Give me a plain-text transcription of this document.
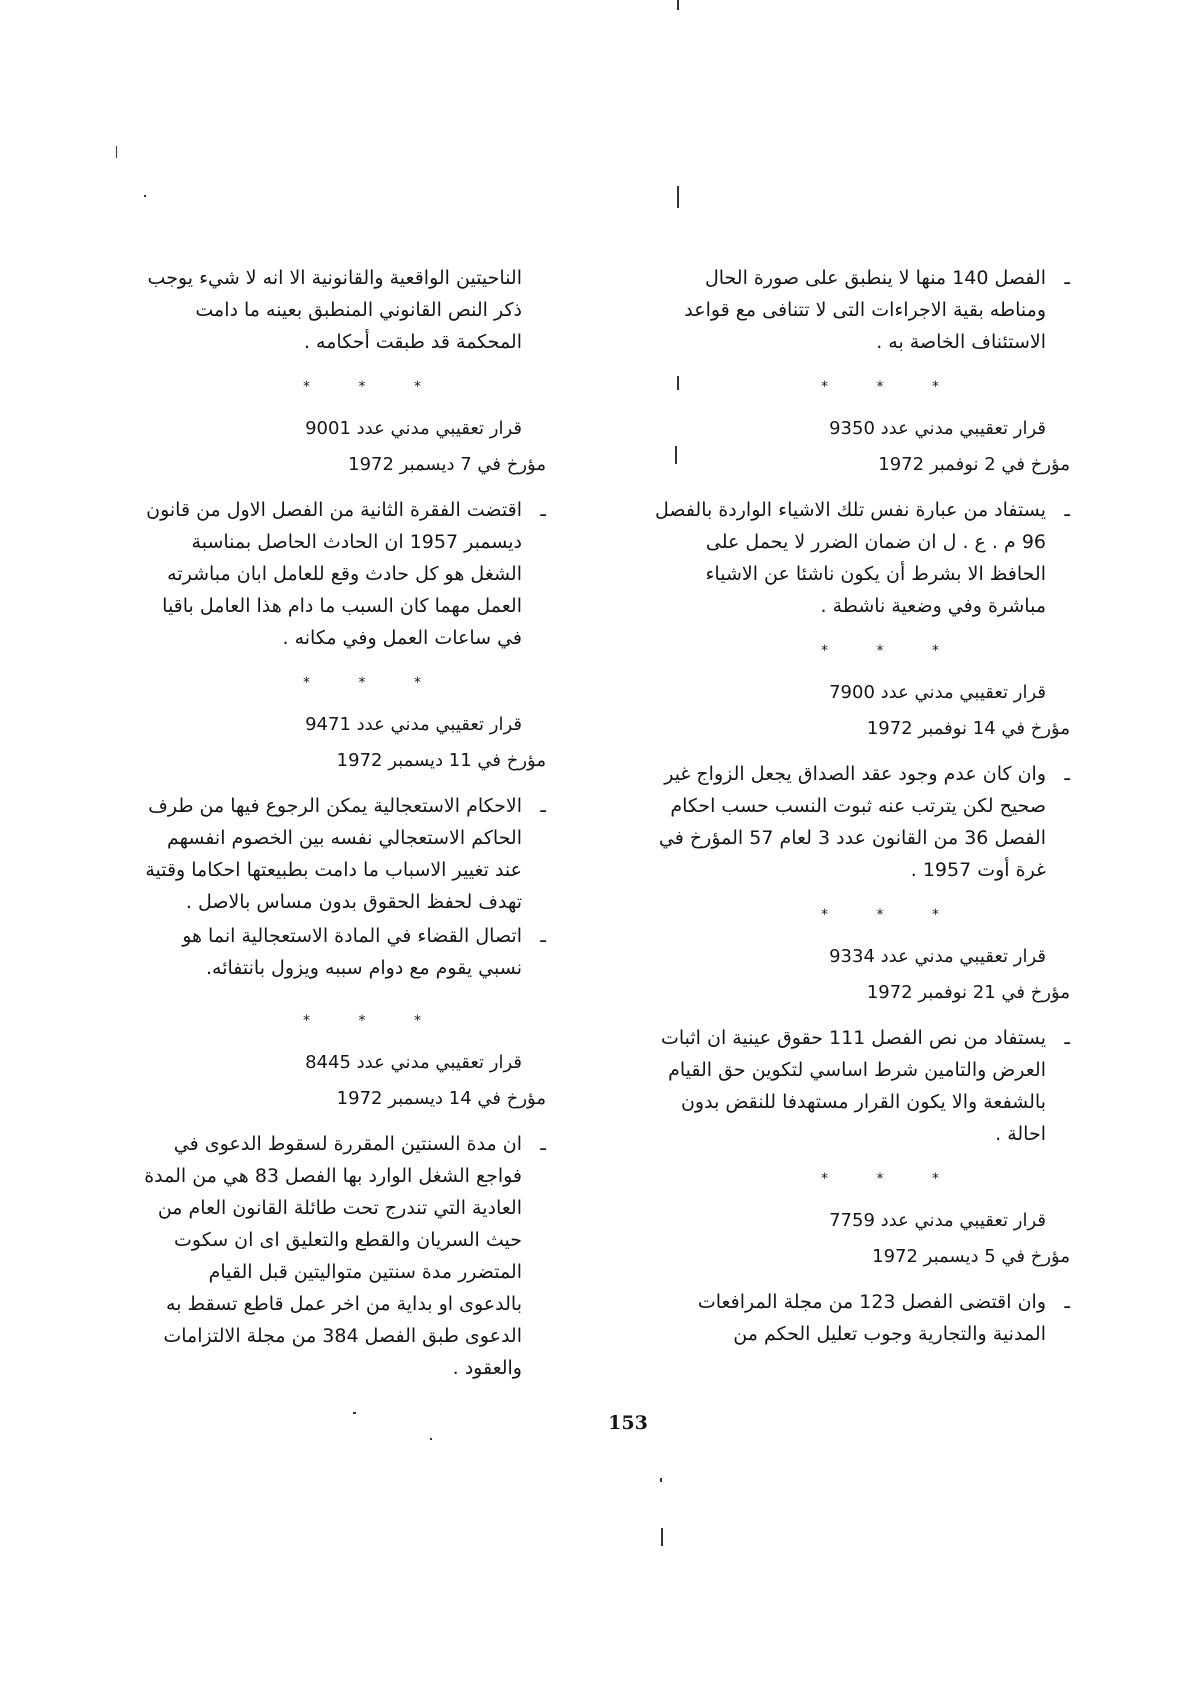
ـ الفصل 140 منها لا ينطبق على صورة الحال ومناطه بقية الاجراءات التى لا تتنافى مع قواعد الاستئناف الخاصة به .

* * *

قرار تعقيبي مدني عدد 9350

مؤرخ في 2 نوفمبر 1972

ـ يستفاد من عبارة نفس تلك الاشياء الواردة بالفصل 96 م . ع . ل ان ضمان الضرر لا يحمل على الحافظ الا بشرط أن يكون ناشئا عن الاشياء مباشرة وفي وضعية ناشطة .

* * *

قرار تعقيبي مدني عدد 7900

مؤرخ في 14 نوفمبر 1972

ـ وان كان عدم وجود عقد الصداق يجعل الزواج غير صحيح لكن يترتب عنه ثبوت النسب حسب احكام الفصل 36 من القانون عدد 3 لعام 57 المؤرخ في غرة أوت 1957 .

* * *

قرار تعقيبي مدني عدد 9334

مؤرخ في 21 نوفمبر 1972

ـ يستفاد من نص الفصل 111 حقوق عينية ان اثبات العرض والتامين شرط اساسي لتكوين حق القيام بالشفعة والا يكون القرار مستهدفا للنقض بدون احالة .

* * *

قرار تعقيبي مدني عدد 7759

مؤرخ في 5 ديسمبر 1972

ـ وان اقتضى الفصل 123 من مجلة المرافعات المدنية والتجارية وجوب تعليل الحكم من

الناحيتين الواقعية والقانونية الا انه لا شيء يوجب ذكر النص القانوني المنطبق بعينه ما دامت المحكمة قد طبقت أحكامه .

* * *

قرار تعقيبي مدني عدد 9001

مؤرخ في 7 ديسمبر 1972

ـ اقتضت الفقرة الثانية من الفصل الاول من قانون ديسمبر 1957 ان الحادث الحاصل بمناسبة الشغل هو كل حادث وقع للعامل ابان مباشرته العمل مهما كان السبب ما دام هذا العامل باقيا في ساعات العمل وفي مكانه .

* * *

قرار تعقيبي مدني عدد 9471

مؤرخ في 11 ديسمبر 1972

ـ الاحكام الاستعجالية يمكن الرجوع فيها من طرف الحاكم الاستعجالي نفسه بين الخصوم انفسهم عند تغيير الاسباب ما دامت بطبيعتها احكاما وقتية تهدف لحفظ الحقوق بدون مساس بالاصل .

ـ اتصال القضاء في المادة الاستعجالية انما هو نسبي يقوم مع دوام سببه ويزول بانتفائه.

* * *

قرار تعقيبي مدني عدد 8445

مؤرخ في 14 ديسمبر 1972

ـ ان مدة السنتين المقررة لسقوط الدعوى في فواجع الشغل الوارد بها الفصل 83 هي من المدة العادية التي تندرج تحت طائلة القانون العام من حيث السريان والقطع والتعليق اى ان سكوت المتضرر مدة سنتين متواليتين قبل القيام بالدعوى او بداية من اخر عمل قاطع تسقط به الدعوى طبق الفصل 384 من مجلة الالتزامات والعقود .

153
